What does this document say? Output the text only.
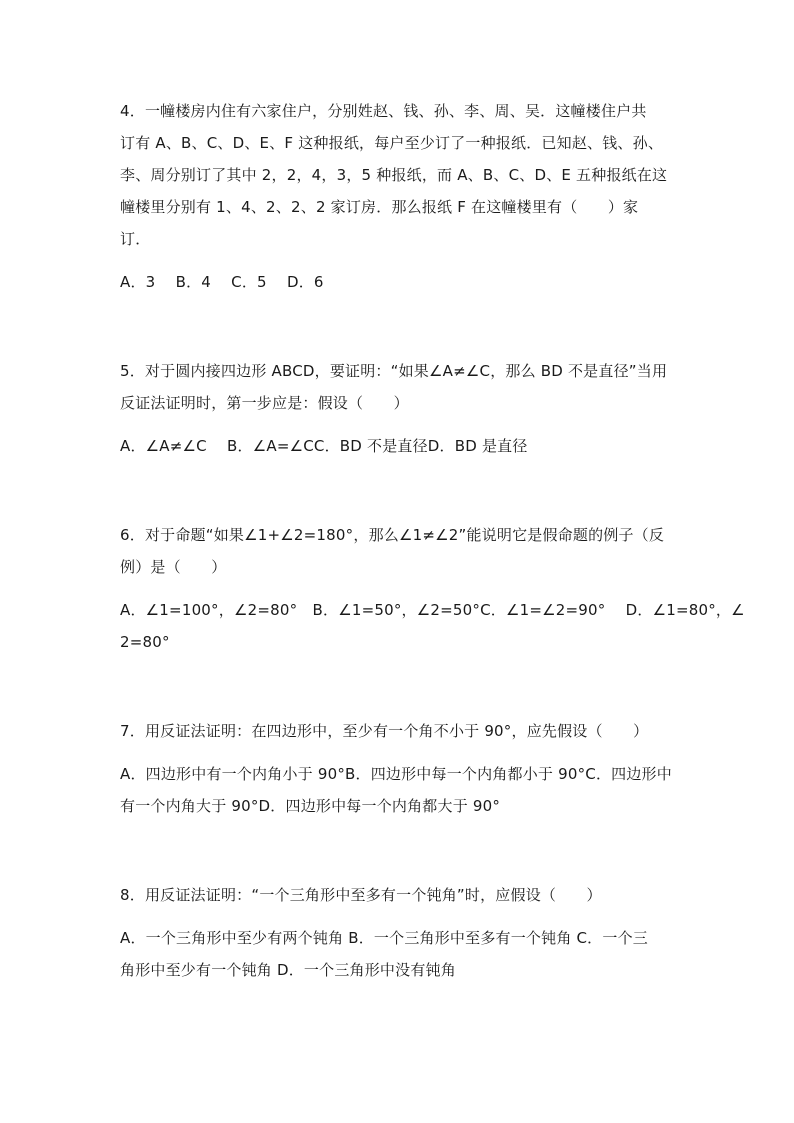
4．一幢楼房内住有六家住户，分别姓赵、钱、孙、李、周、吴．这幢楼住户共
订有 A、B、C、D、E、F 这种报纸，每户至少订了一种报纸．已知赵、钱、孙、
李、周分别订了其中 2，2，4，3，5 种报纸，而 A、B、C、D、E 五种报纸在这
幢楼里分别有 1、4、2、2、2 家订房．那么报纸 F 在这幢楼里有（　　）家
订．
A．3　 B．4　 C．5　 D．6
5．对于圆内接四边形 ABCD，要证明：“如果∠A≠∠C，那么 BD 不是直径”当用
反证法证明时，第一步应是：假设（　　）
A．∠A≠∠C　 B．∠A=∠CC．BD 不是直径D．BD 是直径
6．对于命题“如果∠1+∠2=180°，那么∠1≠∠2”能说明它是假命题的例子（反
例）是（　　）
A．∠1=100°，∠2=80°　B．∠1=50°，∠2=50°C．∠1=∠2=90°　 D．∠1=80°，∠
2=80°
7．用反证法证明：在四边形中，至少有一个角不小于 90°，应先假设（　　）
A．四边形中有一个内角小于 90°B．四边形中每一个内角都小于 90°C．四边形中
有一个内角大于 90°D．四边形中每一个内角都大于 90°
8．用反证法证明：“一个三角形中至多有一个钝角”时，应假设（　　）
A．一个三角形中至少有两个钝角 B．一个三角形中至多有一个钝角 C．一个三
角形中至少有一个钝角 D．一个三角形中没有钝角
